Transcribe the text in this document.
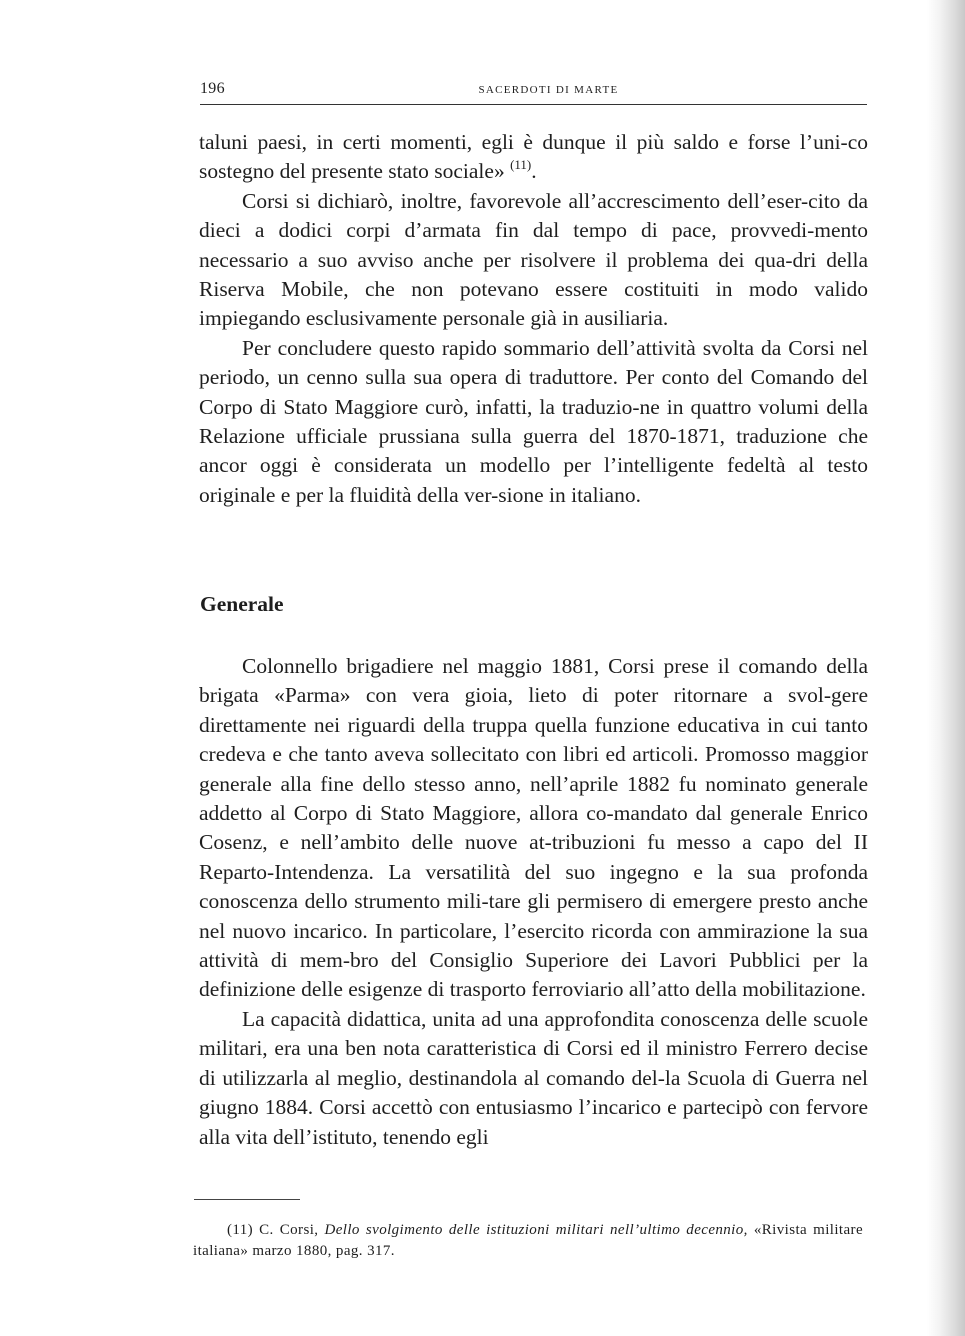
196	SACERDOTI DI MARTE

taluni paesi, in certi momenti, egli è dunque il più saldo e forse l’uni-co sostegno del presente stato sociale» $^{(11)}$.

Corsi si dichiarò, inoltre, favorevole all’accrescimento dell’eser-cito da dieci a dodici corpi d’armata fin dal tempo di pace, provvedi-mento necessario a suo avviso anche per risolvere il problema dei qua-dri della Riserva Mobile, che non potevano essere costituiti in modo valido impiegando esclusivamente personale già in ausiliaria.

Per concludere questo rapido sommario dell’attività svolta da Corsi nel periodo, un cenno sulla sua opera di traduttore. Per conto del Comando del Corpo di Stato Maggiore curò, infatti, la traduzio-ne in quattro volumi della Relazione ufficiale prussiana sulla guerra del 1870-1871, traduzione che ancor oggi è considerata un modello per l’intelligente fedeltà al testo originale e per la fluidità della ver-sione in italiano.

Generale

Colonnello brigadiere nel maggio 1881, Corsi prese il comando della brigata «Parma» con vera gioia, lieto di poter ritornare a svol-gere direttamente nei riguardi della truppa quella funzione educativa in cui tanto credeva e che tanto aveva sollecitato con libri ed articoli. Promosso maggior generale alla fine dello stesso anno, nell’aprile 1882 fu nominato generale addetto al Corpo di Stato Maggiore, allora co-mandato dal generale Enrico Cosenz, e nell’ambito delle nuove at-tribuzioni fu messo a capo del II Reparto-Intendenza. La versatilità del suo ingegno e la sua profonda conoscenza dello strumento mili-tare gli permisero di emergere presto anche nel nuovo incarico. In particolare, l’esercito ricorda con ammirazione la sua attività di mem-bro del Consiglio Superiore dei Lavori Pubblici per la definizione delle esigenze di trasporto ferroviario all’atto della mobilitazione.

La capacità didattica, unita ad una approfondita conoscenza delle scuole militari, era una ben nota caratteristica di Corsi ed il ministro Ferrero decise di utilizzarla al meglio, destinandola al comando del-la Scuola di Guerra nel giugno 1884. Corsi accettò con entusiasmo l’incarico e partecipò con fervore alla vita dell’istituto, tenendo egli

(11) C. Corsi, Dello svolgimento delle istituzioni militari nell’ultimo decennio, «Rivista militare italiana» marzo 1880, pag. 317.
